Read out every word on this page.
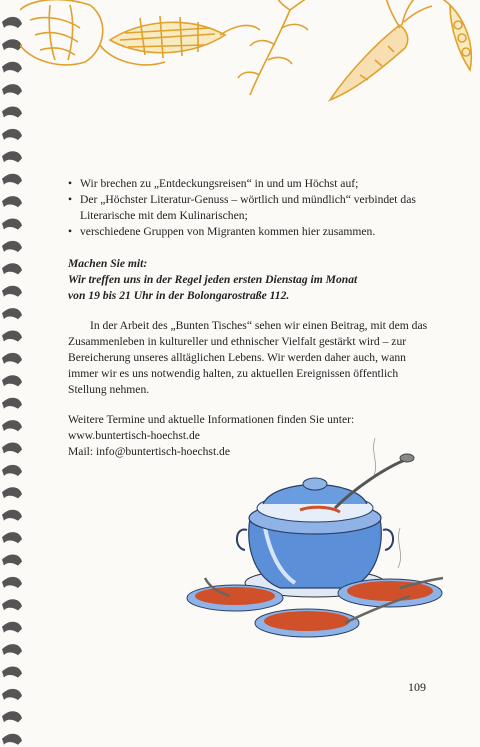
• Wir brechen zu „Entdeckungsreisen“ in und um Höchst auf;
• Der „Höchster Literatur-Genuss – wörtlich und mündlich“ verbindet das Literarische mit dem Kulinarischen;
• verschiedene Gruppen von Migranten kommen hier zusammen.
Machen Sie mit:
Wir treffen uns in der Regel jeden ersten Dienstag im Monat
von 19 bis 21 Uhr in der Bolongarostraße 112.
In der Arbeit des „Bunten Tisches“ sehen wir einen Beitrag, mit dem das Zusammenleben in kultureller und ethnischer Vielfalt gestärkt wird – zur Bereicherung unseres alltäglichen Lebens. Wir werden daher auch, wann immer wir es uns notwendig halten, zu aktuellen Ereignissen öffentlich Stellung nehmen.
Weitere Termine und aktuelle Informationen finden Sie unter:
www.buntertisch-hoechst.de
Mail: info@buntertisch-hoechst.de
109
